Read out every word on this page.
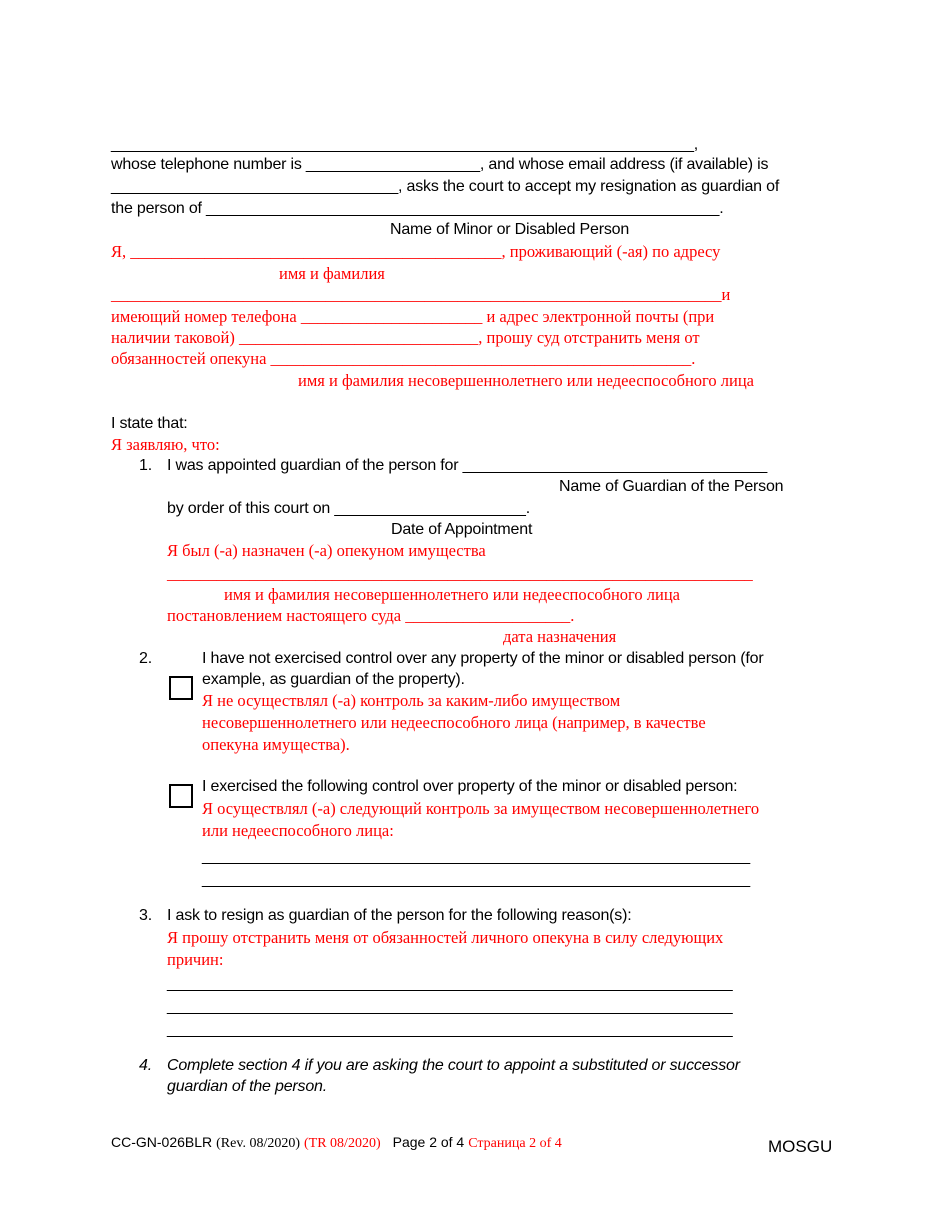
___________________________________________________________________,
whose telephone number is ____________________, and whose email address (if available) is
_________________________________, asks the court to accept my resignation as guardian of
the person of ___________________________________________________________.
Name of Minor or Disabled Person
Я, _____________________________________________, проживающий (-ая) по адресу
имя и фамилия
__________________________________________________________________________и
имеющий номер телефона ______________________ и адрес электронной почты (при
наличии таковой) _____________________________, прошу суд отстранить меня от
обязанностей опекуна ___________________________________________________.
имя и фамилия несовершеннолетнего или недееспособного лица
I state that:
Я заявляю, что:
1. I was appointed guardian of the person for ___________________________________
Name of Guardian of the Person
by order of this court on ______________________.
Date of Appointment
Я был (-а) назначен (-а) опекуном имущества
_______________________________________________________________________
имя и фамилия несовершеннолетнего или недееспособного лица
постановлением настоящего суда ____________________.
дата назначения
2.	I have not exercised control over any property of the minor or disabled person (for
example, as guardian of the property).
Я не осуществлял (-а) контроль за каким-либо имуществом
несовершеннолетнего или недееспособного лица (например, в качестве
опекуна имущества).
I exercised the following control over property of the minor or disabled person:
Я осуществлял (-а) следующий контроль за имуществом несовершеннолетнего
или недееспособного лица:
_______________________________________________________________
_______________________________________________________________
3. I ask to resign as guardian of the person for the following reason(s):
Я прошу отстранить меня от обязанностей личного опекуна в силу следующих
причин:
_________________________________________________________________
_________________________________________________________________
_________________________________________________________________
4. Complete section 4 if you are asking the court to appoint a substituted or successor
guardian of the person.
CC-GN-026BLR (Rev. 08/2020) (TR 08/2020) Page 2 of 4 Страница 2 of 4	MOSGU
